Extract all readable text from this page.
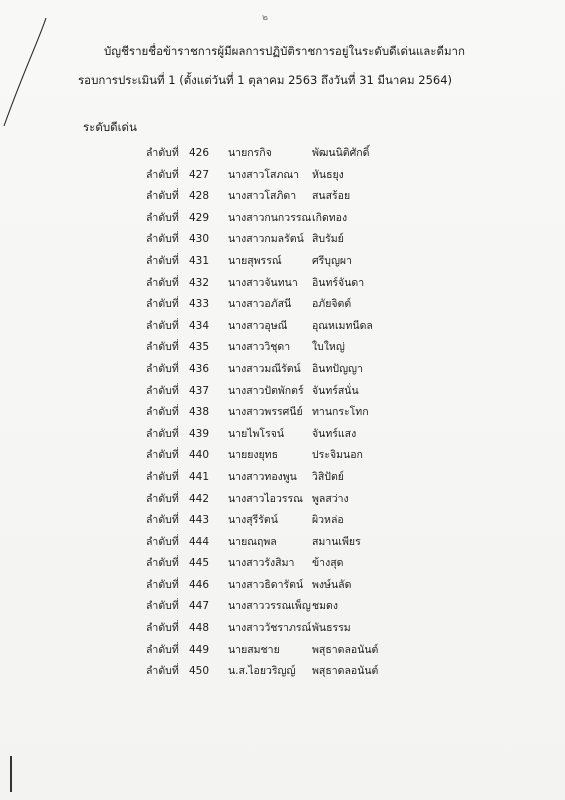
๒
บัญชีรายชื่อข้าราชการผู้มีผลการปฏิบัติราชการอยู่ในระดับดีเด่นและดีมาก
รอบการประเมินที่ 1 (ตั้งแต่วันที่ 1 ตุลาคม 2563 ถึงวันที่ 31 มีนาคม 2564)
ระดับดีเด่น
ลำดับที่ 426 นายกรกิจ	พัฒนนิติศักดิ์
ลำดับที่ 427 นางสาวโสภณา หันธยุง
ลำดับที่ 428 นางสาวโสภิดา สนสร้อย
ลำดับที่ 429 นางสาวกนกวรรณ เกิดทอง
ลำดับที่ 430 นางสาวกมลรัตน์ สิบรัมย์
ลำดับที่ 431 นายสุพรรณ์	ศรีบุญผา
ลำดับที่ 432 นางสาวจันทนา อินทร์จันดา
ลำดับที่ 433 นางสาวอภัสนี อภัยจิตต์
ลำดับที่ 434 นางสาวอุษณี อุณหเมทนีดล
ลำดับที่ 435 นางสาววิชุดา ใบใหญ่
ลำดับที่ 436 นางสาวมณีรัตน์ อินทปัญญา
ลำดับที่ 437 นางสาวปัตพักตร์ จันทร์สนั่น
ลำดับที่ 438 นางสาวพรรศนีย์ ทานกระโทก
ลำดับที่ 439 นายไพโรจน์	จันทร์แสง
ลำดับที่ 440 นายยงยุทธ	ประจิมนอก
ลำดับที่ 441 นางสาวทองพูน วิสิปัตย์
ลำดับที่ 442 นางสาวไอวรรณ พูลสว่าง
ลำดับที่ 443 นางสุรีรัตน์	ผิวหล่อ
ลำดับที่ 444 นายณฤพล	สมานเพียร
ลำดับที่ 445 นางสาวรังสิมา ข้างสุด
ลำดับที่ 446 นางสาวธิดารัตน์ พงษ์นลัด
ลำดับที่ 447 นางสาววรรณเพ็ญ ชมดง
ลำดับที่ 448 นางสาววัชราภรณ์ พันธรรม
ลำดับที่ 449 นายสมชาย	พสุธาดลอนันต์
ลำดับที่ 450 น.ส.ไอยวริญญ์ พสุธาดลอนันต์
